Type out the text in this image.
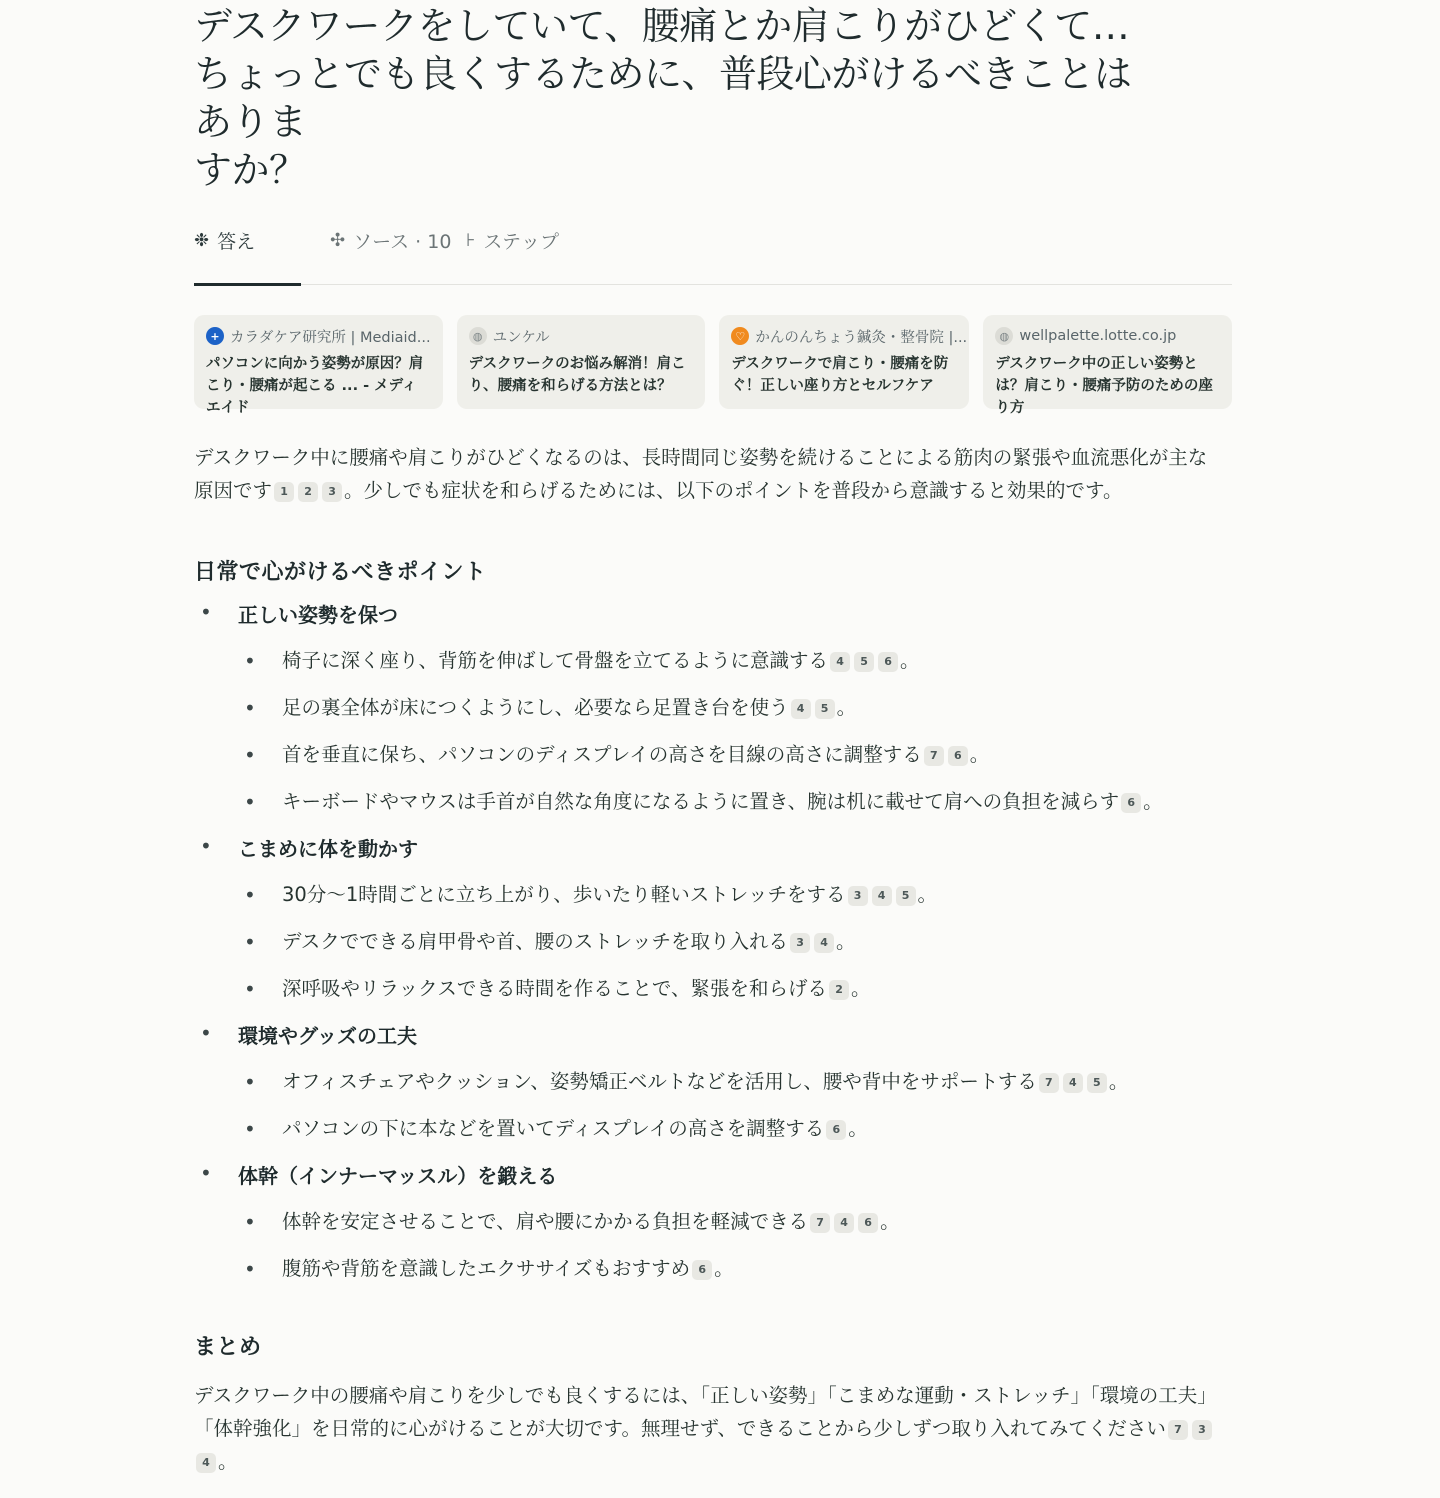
デスクワークをしていて、腰痛とか肩こりがひどくて…
ちょっとでも良くするために、普段心がけるべきことはありま
すか？
❉ 答え	✣ ソース · 10 ⊦ ステップ
+ カラダケア研究所 | Mediaid...
パソコンに向かう姿勢が原因？肩こり・腰痛が起こる ... - メディエイド
◍ ユンケル
デスクワークのお悩み解消！肩こり、腰痛を和らげる方法とは？
♡ かんのんちょう鍼灸・整骨院 |...
デスクワークで肩こり・腰痛を防ぐ！正しい座り方とセルフケア
◍ wellpalette.lotte.co.jp
デスクワーク中の正しい姿勢とは？肩こり・腰痛予防のための座り方

デスクワーク中に腰痛や肩こりがひどくなるのは、長時間同じ姿勢を続けることによる筋肉の緊張や血流悪化が主な原因です 1 2 3 。少しでも症状を和らげるためには、以下のポイントを普段から意識すると効果的です。

日常で心がけるべきポイント
• 正しい姿勢を保つ
• 椅子に深く座り、背筋を伸ばして骨盤を立てるように意識する 4 5 6 。
• 足の裏全体が床につくようにし、必要なら足置き台を使う 4 5 。
• 首を垂直に保ち、パソコンのディスプレイの高さを目線の高さに調整する 7 6 。
• キーボードやマウスは手首が自然な角度になるように置き、腕は机に載せて肩への負担を減らす 6 。
• こまめに体を動かす
• 30分〜1時間ごとに立ち上がり、歩いたり軽いストレッチをする 3 4 5 。
• デスクでできる肩甲骨や首、腰のストレッチを取り入れる 3 4 。
• 深呼吸やリラックスできる時間を作ることで、緊張を和らげる 2 。
• 環境やグッズの工夫
• オフィスチェアやクッション、姿勢矯正ベルトなどを活用し、腰や背中をサポートする 7 4 5 。
• パソコンの下に本などを置いてディスプレイの高さを調整する 6 。
• 体幹（インナーマッスル）を鍛える
• 体幹を安定させることで、肩や腰にかかる負担を軽減できる 7 4 6 。
• 腹筋や背筋を意識したエクササイズもおすすめ 6 。
まとめ

デスクワーク中の腰痛や肩こりを少しでも良くするには、「正しい姿勢」「こまめな運動・ストレッチ」「環境の工夫」「体幹強化」を日常的に心がけることが大切です。無理せず、できることから少しずつ取り入れてみてください 7 34 。
